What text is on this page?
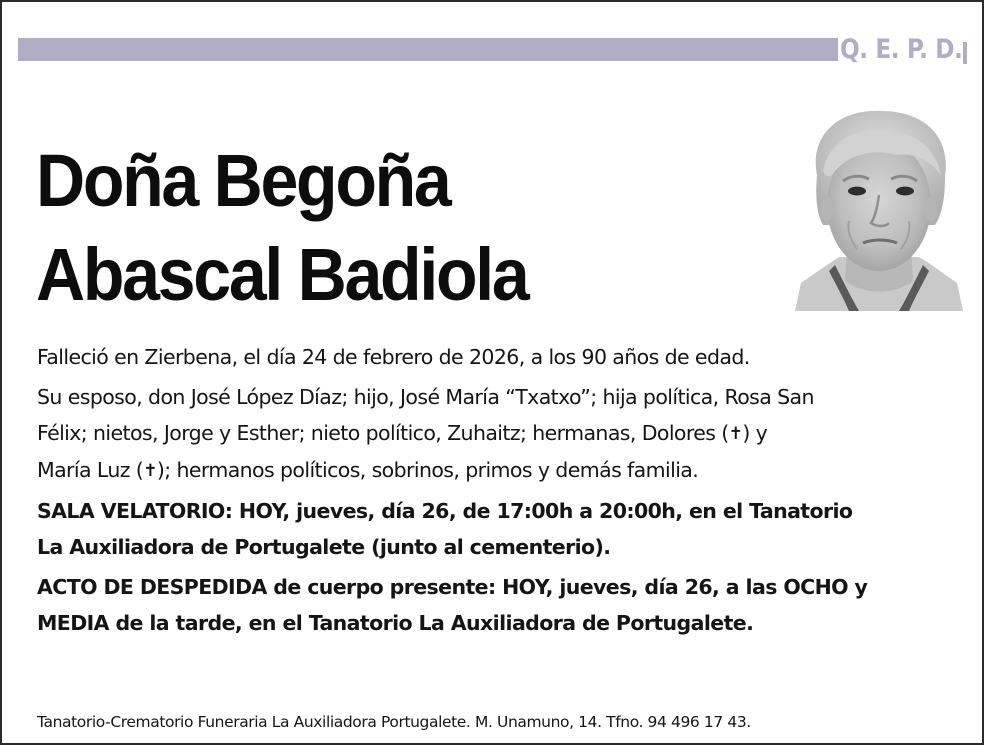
Q. E. P. D.
Doña Begoña
Abascal Badiola

Falleció en Zierbena, el día 24 de febrero de 2026, a los 90 años de edad.

Su esposo, don José López Díaz; hijo, José María “Txatxo”; hija política, Rosa San
Félix; nietos, Jorge y Esther; nieto político, Zuhaitz; hermanas, Dolores (✝) y
María Luz (✝); hermanos políticos, sobrinos, primos y demás familia.

SALA VELATORIO: HOY, jueves, día 26, de 17:00h a 20:00h, en el Tanatorio
La Auxiliadora de Portugalete (junto al cementerio).

ACTO DE DESPEDIDA de cuerpo presente: HOY, jueves, día 26, a las OCHO y
MEDIA de la tarde, en el Tanatorio La Auxiliadora de Portugalete.

Tanatorio-Crematorio Funeraria La Auxiliadora Portugalete. M. Unamuno, 14. Tfno. 94 496 17 43.
